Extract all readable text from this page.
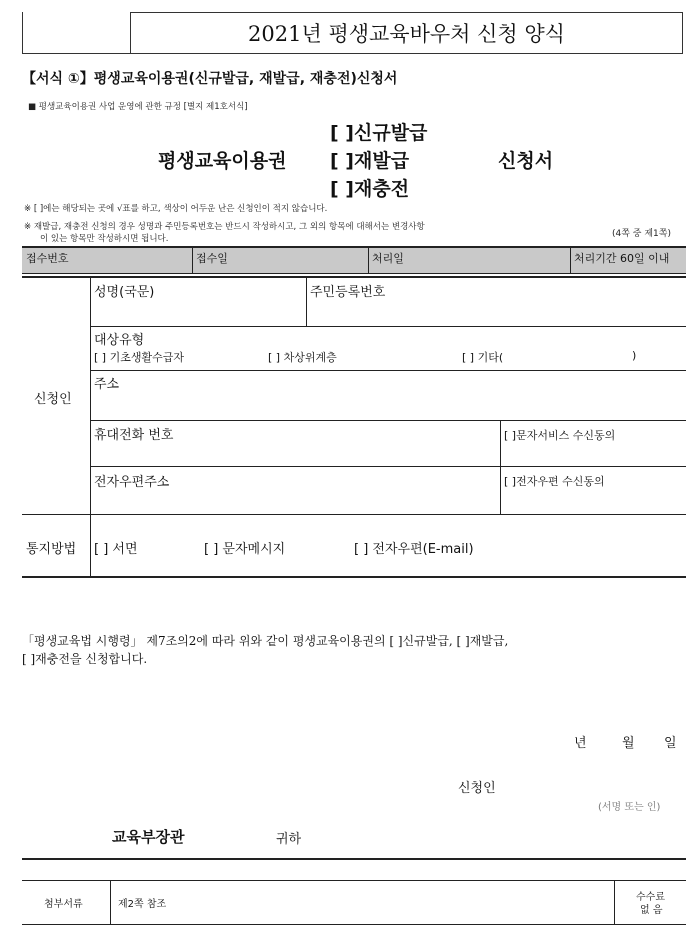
2021년 평생교육바우처 신청 양식
【서식 ①】평생교육이용권(신규발급, 재발급, 재충전)신청서
■ 평생교육이용권 사업 운영에 관한 규정 [별지 제1호서식]
평생교육이용권
[ ]신규발급
[ ]재발급
[ ]재충전
신청서
※ [ ]에는 해당되는 곳에 √표를 하고, 색상이 어두운 난은 신청인이 적지 않습니다.
※ 재발급, 재충전 신청의 경우 성명과 주민등록번호는 반드시 작성하시고, 그 외의 항목에 대해서는 변경사항
이 있는 항목만 작성하시면 됩니다.	(4쪽 중 제1쪽)
접수번호	접수일	처리일	처리기간 60일 이내
신청인
성명(국문)	주민등록번호
대상유형
[ ] 기초생활수급자	[ ] 차상위계층	[ ] 기타(	)
주소
휴대전화 번호	[ ]문자서비스 수신동의
전자우편주소	[ ]전자우편 수신동의
통지방법 [ ] 서면	[ ] 문자메시지	[ ] 전자우편(E-mail)
「평생교육법 시행령」 제7조의2에 따라 위와 같이 평생교육이용권의 [ ]신규발급, [ ]재발급,
[ ]재충전을 신청합니다.
년	월 일
신청인
(서명 또는 인)
교육부장관	귀하
첨부서류	제2쪽 참조
수수료
없 음
